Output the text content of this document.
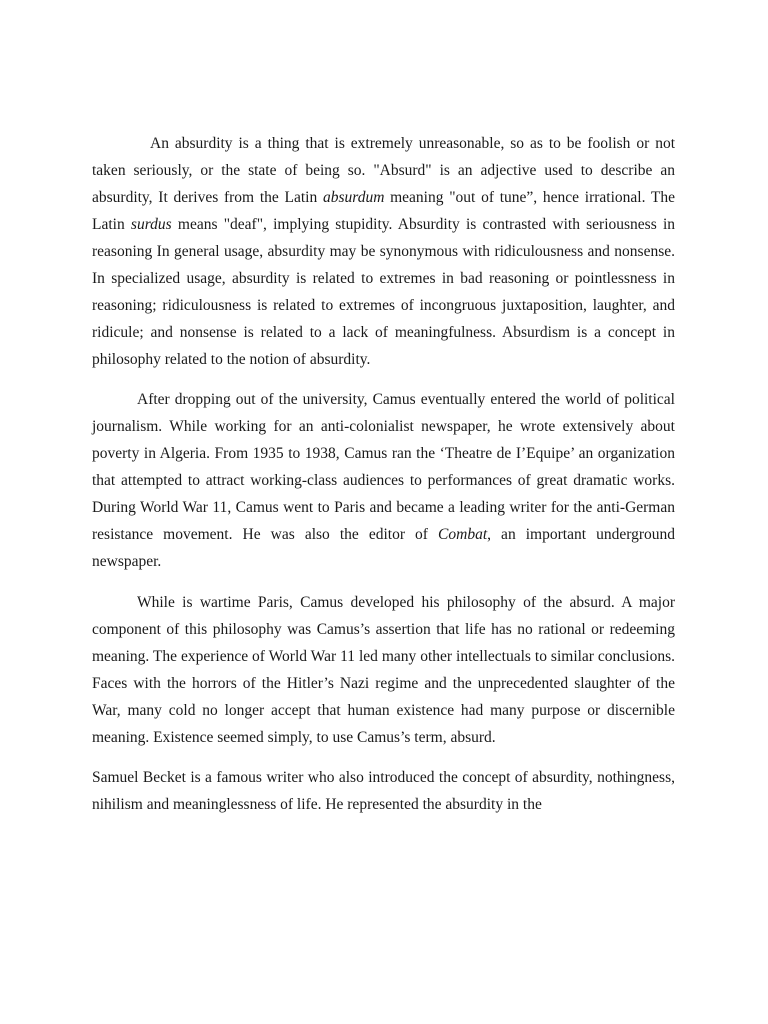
An absurdity is a thing that is extremely unreasonable, so as to be foolish or not taken seriously, or the state of being so. "Absurd" is an adjective used to describe an absurdity, It derives from the Latin absurdum meaning "out of tune”, hence irrational. The Latin surdus means "deaf", implying stupidity. Absurdity is contrasted with seriousness in reasoning In general usage, absurdity may be synonymous with ridiculousness and nonsense. In specialized usage, absurdity is related to extremes in bad reasoning or pointlessness in reasoning; ridiculousness is related to extremes of incongruous juxtaposition, laughter, and ridicule; and nonsense is related to a lack of meaningfulness. Absurdism is a concept in philosophy related to the notion of absurdity.

After dropping out of the university, Camus eventually entered the world of political journalism. While working for an anti-colonialist newspaper, he wrote extensively about poverty in Algeria. From 1935 to 1938, Camus ran the ‘Theatre de I’Equipe’ an organization that attempted to attract working-class audiences to performances of great dramatic works. During World War 11, Camus went to Paris and became a leading writer for the anti-German resistance movement. He was also the editor of Combat, an important underground newspaper.

While is wartime Paris, Camus developed his philosophy of the absurd. A major component of this philosophy was Camus’s assertion that life has no rational or redeeming meaning. The experience of World War 11 led many other intellectuals to similar conclusions. Faces with the horrors of the Hitler’s Nazi regime and the unprecedented slaughter of the War, many cold no longer accept that human existence had many purpose or discernible meaning. Existence seemed simply, to use Camus’s term, absurd.

Samuel Becket is a famous writer who also introduced the concept of absurdity, nothingness, nihilism and meaninglessness of life. He represented the absurdity in the
